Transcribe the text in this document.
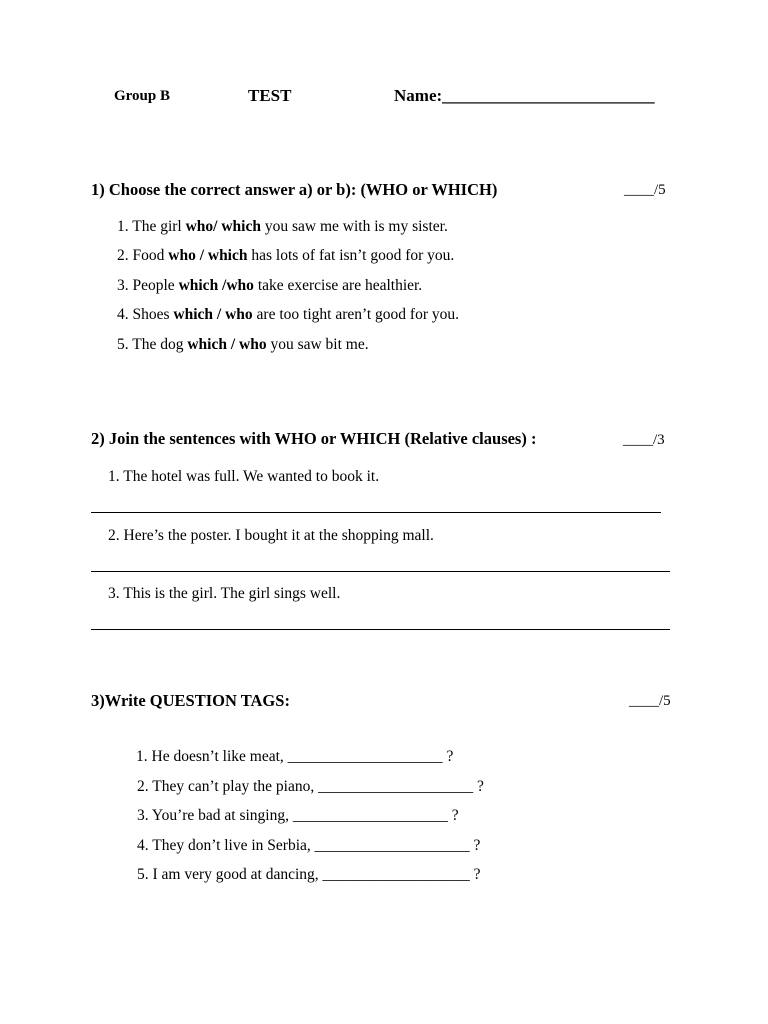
Group B	TEST	Name:_________________________
1) Choose the correct answer a) or b): (WHO or WHICH)	____/5
1. The girl who/ which you saw me with is my sister.
2. Food who / which has lots of fat isn’t good for you.
3. People which /who take exercise are healthier.
4. Shoes which / who are too tight aren’t good for you.
5. The dog which / who you saw bit me.
2) Join the sentences with WHO or WHICH (Relative clauses) :	____/3
1. The hotel was full. We wanted to book it.
2. Here’s the poster. I bought it at the shopping mall.
3. This is the girl. The girl sings well.
3)Write QUESTION TAGS:	____/5
1. He doesn’t like meat, ____________________ ?
2. They can’t play the piano, ____________________ ?
3. You’re bad at singing, ____________________ ?
4. They don’t live in Serbia, ____________________ ?
5. I am very good at dancing, ___________________ ?
